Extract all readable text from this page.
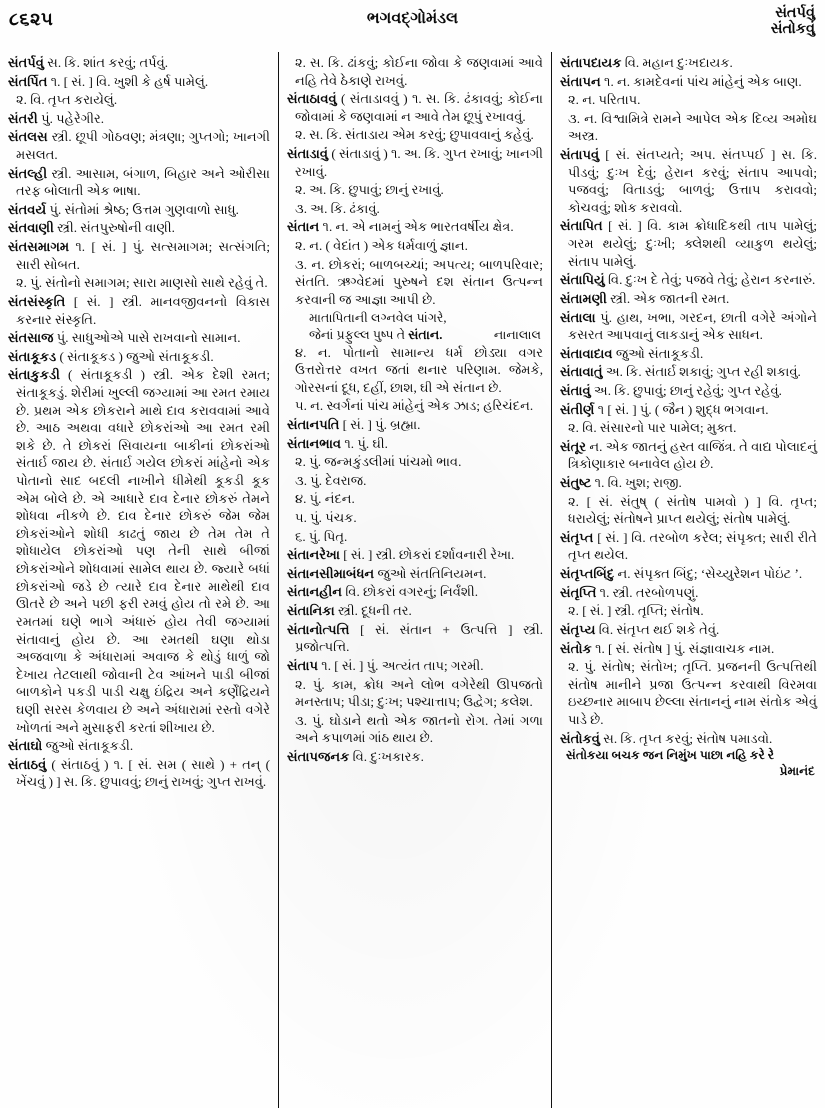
૮૬૨૫	ભગવદ્ગોમંડલ	સંતર્પવું
સંતોકવું
સંતર્પવું સ. કિ. શાંત કરવું; તર્પવું.
સંતર્પિત ૧. [ સં. ] વિ. ખુશી કે હર્ષ પામેલું.
૨. વિ. તૃપ્ત કરાયેલું.
સંતરી પું. પહેરેગીર.
સંતલસ સ્ત્રી. છૂપી ગોઠવણ; મંત્રણા; ગુપ્તગો; ખાનગી મસલત.
સંતલ્હી સ્ત્રી. આસામ, બંગાળ, બિહાર અને ઓરીસા તરફ બોલાતી એક ભાષા.
સંતવર્ય પું. સંતોમાં શ્રેષ્ઠ; ઉત્તમ ગુણવાળો સાધુ.
સંતવાણી સ્ત્રી. સંતપુરુષોની વાણી.
સંતસમાગમ ૧. [ સં. ] પું. સત્સમાગમ; સત્સંગતિ; સારી સોબત.
૨. પું. સંતોનો સમાગમ; સારા માણસો સાથે રહેવું તે.
સંતસંસ્કૃતિ [ સં. ] સ્ત્રી. માનવજીવનનો વિકાસ કરનાર સંસ્કૃતિ.
સંતસાજ પું. સાધુઓએ પાસે રાખવાનો સામાન.
સંતાકૂકડ ( સંતાકૂકડ ) જુઓ સંતાકૂકડી.
સંતાકુકડી ( સંતાકૂકડી ) સ્ત્રી. એક દેશી રમત; સંતાકૂકડું. શેરીમાં ખુલ્લી જગ્યામાં આ રમત રમાય છે. પ્રથમ એક છોકરાને માથે દાવ કરાવવામાં આવે છે. આઠ અથવા વધારે છોકરાંઓ આ રમત રમી શકે છે. તે છોકરાં સિવાયના બાકીનાં છોકરાંઓ સંતાર્ઇ જાય છે. સંતાર્ઇ ગયેલ છોકરાં માંહેનો એક પોતાનો સાદ બદલી નાખીને ધીમેથી કૂકડી કૂક એમ બોલે છે. એ આધારે દાવ દેનાર છોકરું તેમને શોધવા નીકળે છે. દાવ દેનાર છોકરું જેમ જેમ છોકરાંઓને શોધી કાઢતું જાય છે તેમ તેમ તે શોધાયેલ છોકરાંઓ પણ તેની સાથે બીજાં છોકરાંઓને શોધવામાં સામેલ થાય છે. જ્યારે બધાં છોકરાંઓ જડે છે ત્યારે દાવ દેનાર માથેથી દાવ ઊતરે છે અને પછી ફરી રમવું હોય તો રમે છે. આ રમતમાં ઘણે ભાગે અંધારું હોય તેવી જગ્યામાં સંતાવાનું હોય છે. આ રમતથી ઘણા થોડા અજવાળા કે અંધારામાં અવાજ કે થોડું ધાળું જો દેખાય તેટલાથી જોવાની ટેવ આંખને પાડી બીજાં બાળકોને પકડી પાડી ચક્ષુ ઇંદ્રિય અને કર્ણેંદ્રિયને ઘણી સરસ કેળવાય છે અને અંધારામાં રસ્તો વગેરે ખોળતાં અને મુસાફરી કરતાં શીખાય છે.
સંતાઘો જુઓ સંતાકૂકડી.
સંતાઠવું ( સંતાઠવું ) ૧. [ સં. સમ ( સાથે ) + તન્ ( ખેંચવું ) ] સ. કિ. છુપાવવું; છાનું રાખવું; ગુપ્ત રાખવું.
૨. સ. કિ. ઢાંકવું; કોઈના જોવા કે જણવામાં આવે નહિ તેવે ઠેકાણે રાખવું.
સંતાઠાવવું ( સંતાડાવવું ) ૧. સ. કિ. ઢંકાવવું; કોઈના જોવામાં કે જણવામાં ન આવે તેમ છૂપું રખાવવું.
૨. સ. કિ. સંતાડાય એમ કરવું; છુપાવવાનું કહેવું.
સંતાડાવું ( સંતાડાવું ) ૧. અ. કિ. ગુપ્ત રખાવું; ખાનગી રખાવું.
૨. અ. કિ. છુપાવું; છાનું રખાવું.
૩. અ. કિ. ઢંકાવું.
સંતાન ૧. ન. એ નામનું એક ભારતવર્ષીય ક્ષેત્ર.
૨. ન. ( વેદાંત ) એક ધર્મવાળું જ્ઞાન.
૩. ન. છોકરાં; બાળબચ્ચાં; અપત્ય; બાળપરિવાર; સંતતિ. ઋગ્વેદમાં પુરુષને દશ સંતાન ઉત્પન્ન કરવાની જ આજ્ઞા આપી છે.
માતાપિતાની લગ્નવેલ પાંગરે,
નાનાલાલ
જેનાં પ્રફુલ્લ પુષ્પ તે સંતાન.
૪. ન. પોતાનો સામાન્ય ધર્મ છોડ્યા વગર ઉત્તરોત્તર વખત જતાં થનાર પરિણામ. જેમકે, ગોરસનાં દૂધ, દહીં, છાશ, ઘી એ સંતાન છે.
૫. ન. સ્વર્ગનાં પાંચ માંહેનું એક ઝાડ; હરિચંદન.
સંતાનપતિ [ સં. ] પું. બ્રહ્મા.
સંતાનભાવ ૧. પું. ઘી.
૨. પું. જન્મકુંડલીમાં પાંચમો ભાવ.
૩. પું. દેવરાજ.
૪. પું. નંદન.
૫. પું. પંચક.
૬. પું. પિતૃ.
સંતાનરેખા [ સં. ] સ્ત્રી. છોકરાં દર્શાવનારી રેખા.
સંતાનસીમાબંધન જુઓ સંતતિનિયમન.
સંતાનહીન વિ. છોકરાં વગરનું; નિર્વંશી.
સંતાનિકા સ્ત્રી. દૂધની તર.
સંતાનોત્પત્તિ [ સં. સંતાન + ઉત્પત્તિ ] સ્ત્રી. પ્રજોત્પત્તિ.
સંતાપ ૧. [ સં. ] પું. અત્યંત તાપ; ગરમી.
૨. પું. કામ, ક્રોધ અને લોભ વગેરેથી ઊપજતો મનસ્તાપ; પીડા; દુઃખ; પશ્ચાત્તાપ; ઉદ્વેગ; કલેશ.
૩. પું. ઘોડાને થતો એક જાતનો રોગ. તેમાં ગળા અને કપાળમાં ગાંઠ થાય છે.
સંતાપજનક વિ. દુઃખકારક.
સંતાપદાયક વિ. મહાન દુઃખદાયક.
સંતાપન ૧. ન. કામદેવનાં પાંચ માંહેનું એક બાણ.
૨. ન. પરિતાપ.
૩. ન. વિશ્વામિત્રે રામને આપેલ એક દિવ્ય અમોઘ અસ્ત્ર.
સંતાપવું [ સં. સંતપ્યતે; અપ. સંતપ્પઈ ] સ. કિ. પીડવું; દુઃખ દેવું; હેરાન કરવું; સંતાપ આપવો; પજવવું; વિતાડવું; બાળવું; ઉત્તાપ કરાવવો; કોચવવું; શોક કરાવવો.
સંતાપિત [ સં. ] વિ. કામ ક્રોધાદિકથી તાપ પામેલું; ગરમ થયેલું; દુઃખી; ક્લેશથી વ્યાકુળ થયેલું; સંતાપ પામેલું.
સંતાપિયું વિ. દુઃખ દે તેવું; પજવે તેવું; હેરાન કરનારું.
સંતામણી સ્ત્રી. એક જાતની રમત.
સંતાલા પું. હાથ, ખભા, ગરદન, છાતી વગેરે અંગોને કસરત આપવાનું લાકડાનું એક સાધન.
સંતાવાદાવ જુઓ સંતાકૂકડી.
સંતાવાતું અ. કિ. સંતાર્ઇ શકાવું; ગુપ્ત રહી શકાવું.
સંતાવું અ. કિ. છુપાવું; છાનું રહેવું; ગુપ્ત રહેવું.
સંતીર્ણ ૧ [ સં. ] પું. ( જૈન ) શુદ્ધ ભગવાન.
૨. વિ. સંસારનો પાર પામેલ; મુક્ત.
સંતૂર ન. એક જાતનું હસ્ત વાજિંત્ર. તે વાદ્ય પોલાદનું ત્રિકોણાકાર બનાવેલ હોય છે.
સંતુષ્ટ ૧. વિ. ખુશ; રાજી.
૨. [ સં. સંતુષ્ ( સંતોષ પામવો ) ] વિ. તૃપ્ત; ધરાયેલું; સંતોષને પ્રાપ્ત થયેલું; સંતોષ પામેલું.
સંતૃપ્ત [ સં. ] વિ. તરબોળ કરેલ; સંપૃક્ત; સારી રીતે તૃપ્ત થયેલ.
સંતૃપ્તબિંદુ ન. સંપૃક્ત બિંદુ; ‘સેચ્યુરેશન પોઇંટ ’.
સંતૃપ્તિ ૧. સ્ત્રી. તરબોળપણું.
૨. [ સં. ] સ્ત્રી. તૃપ્તિ; સંતોષ.
સંતૃપ્ય વિ. સંતૃપ્ત થઈ શકે તેવું.
સંતોક ૧. [ સં. સંતોષ ] પું. સંજ્ઞાવાચક નામ.
૨. પું. સંતોષ; સંતોખ; તૃપ્તિ. પ્રજનની ઉત્પત્તિથી સંતોષ માનીને પ્રજા ઉત્પન્ન કરવાથી વિરમવા ઇચ્છનાર માબાપ છેલ્લા સંતાનનું નામ સંતોક એવું પાડે છે.
સંતોકવું સ. કિ. તૃપ્ત કરવું; સંતોષ પમાડવો.
સંતોકયા બચક જન નિમુંખ પાછા નહિ કરે રે
પ્રેમાનંદ
